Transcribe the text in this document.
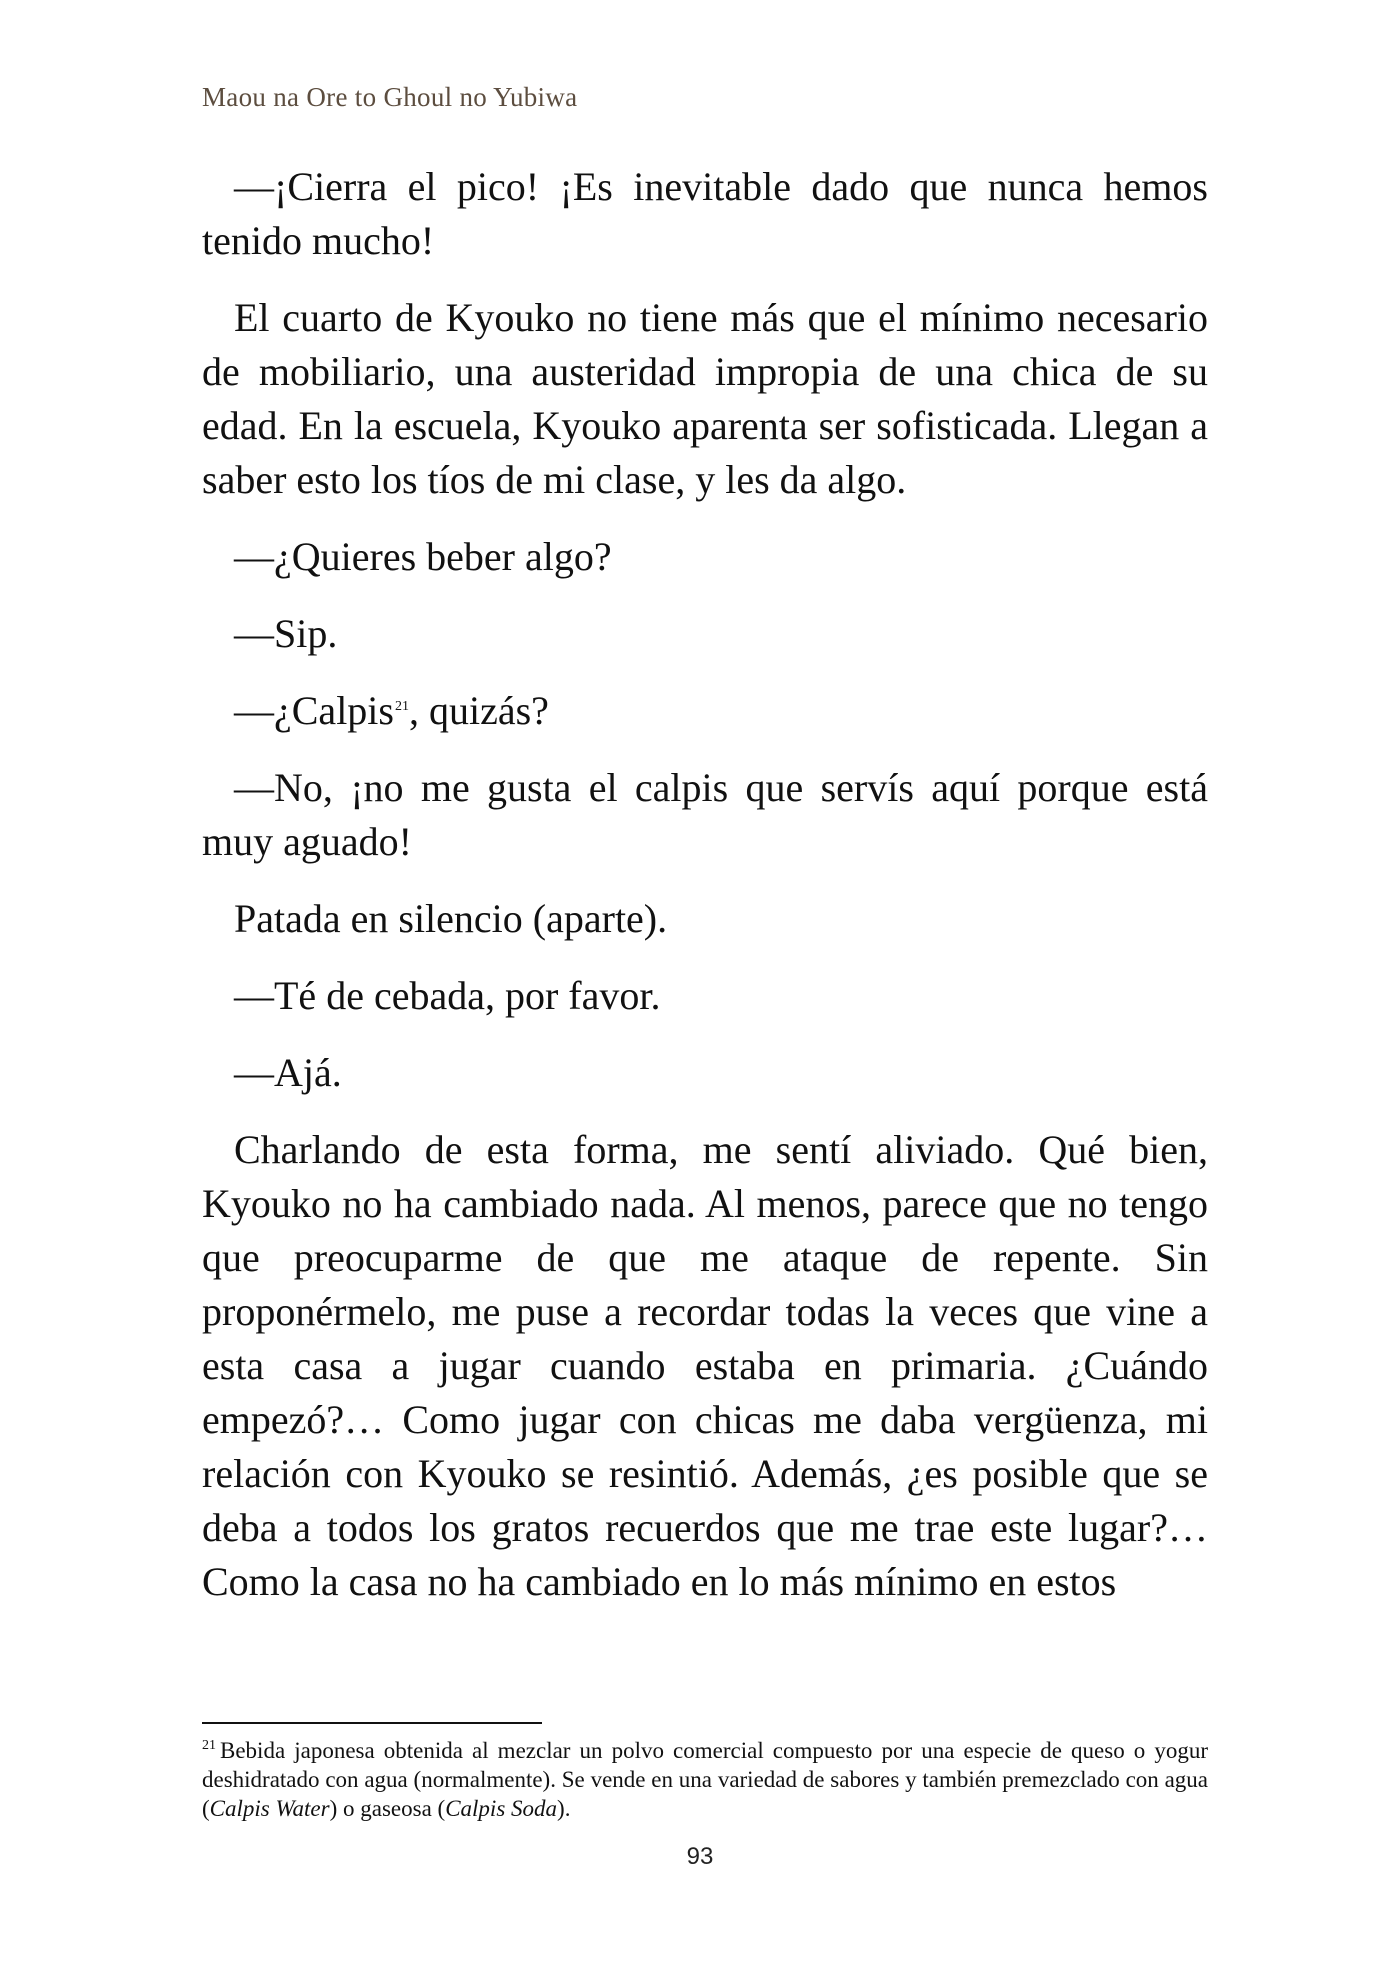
Maou na Ore to Ghoul no Yubiwa

—¡Cierra el pico! ¡Es inevitable dado que nunca hemos tenido mucho!

El cuarto de Kyouko no tiene más que el mínimo necesario de mobiliario, una austeridad impropia de una chica de su edad. En la escuela, Kyouko aparenta ser sofisticada. Llegan a saber esto los tíos de mi clase, y les da algo.

—¿Quieres beber algo?

—Sip.

—¿Calpis$^{21}$, quizás?

—No, ¡no me gusta el calpis que servís aquí porque está muy aguado!

Patada en silencio (aparte).

—Té de cebada, por favor.

—Ajá.

Charlando de esta forma, me sentí aliviado. Qué bien, Kyouko no ha cambiado nada. Al menos, parece que no tengo que preocuparme de que me ataque de repente. Sin proponérmelo, me puse a recordar todas la veces que vine a esta casa a jugar cuando estaba en primaria. ¿Cuándo empezó?… Como jugar con chicas me daba vergüenza, mi relación con Kyouko se resintió. Además, ¿es posible que se deba a todos los gratos recuerdos que me trae este lugar?… Como la casa no ha cambiado en lo más mínimo en estos

$^{21}$ Bebida japonesa obtenida al mezclar un polvo comercial compuesto por una especie de queso o yogur deshidratado con agua (normalmente). Se vende en una variedad de sabores y también premezclado con agua (Calpis Water) o gaseosa (Calpis Soda).

93
